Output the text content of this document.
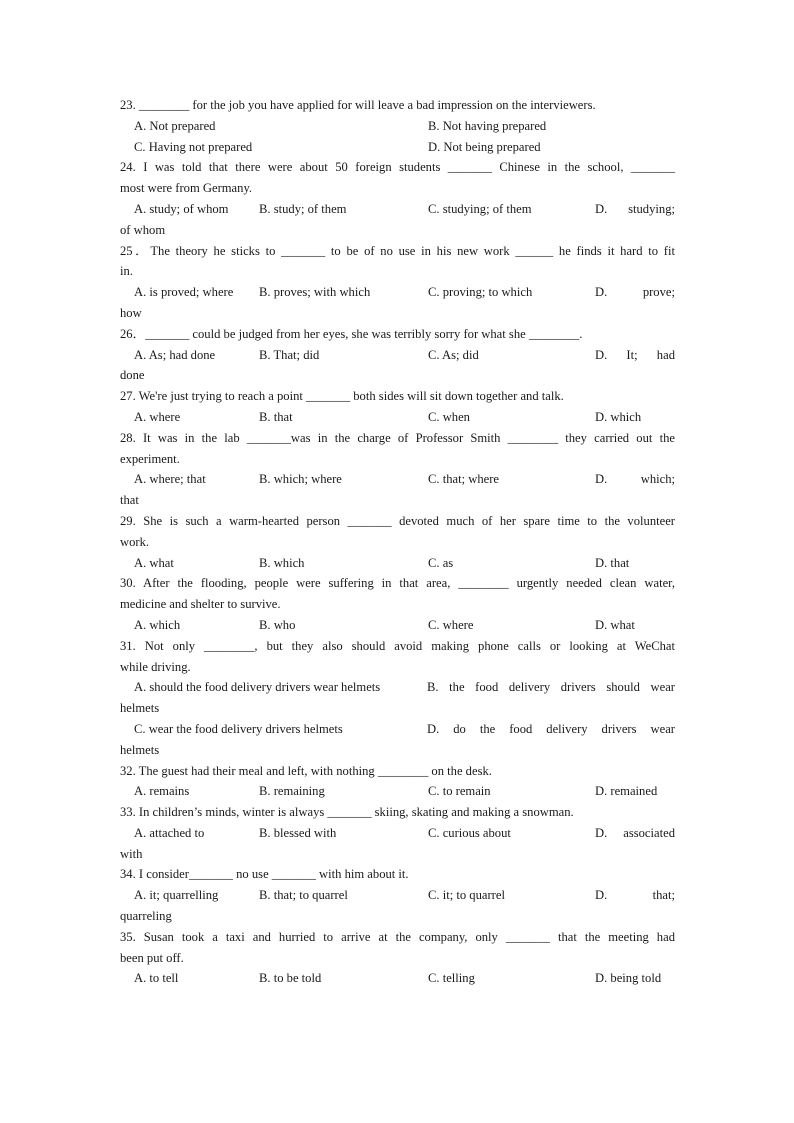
23. ________ for the job you have applied for will leave a bad impression on the interviewers.
A. Not prepared	B. Not having prepared
C. Having not prepared	D. Not being prepared
24. I was told that there were about 50 foreign students _______ Chinese in the school, _______
most were from Germany.
A. study; of whom B. study; of them	C. studying; of them	D. studying;
of whom
25．The theory he sticks to _______ to be of no use in his new work ______ he finds it hard to fit
in.
A. is proved; where B. proves; with which	C. proving; to which	D. prove;
how
26．_______ could be judged from her eyes, she was terribly sorry for what she ________.
A. As; had done	B. That; did	C. As; did	D. It; had
done
27. We're just trying to reach a point _______ both sides will sit down together and talk.
A. where	B. that	C. when	D. which
28. It was in the lab _______was in the charge of Professor Smith ________ they carried out the
experiment.
A. where; that	B. which; where	C. that; where	D. which;
that
29. She is such a warm-hearted person _______ devoted much of her spare time to the volunteer
work.
A. what	B. which	C. as	D. that
30. After the flooding, people were suffering in that area, ________ urgently needed clean water,
medicine and shelter to survive.
A. which	B. who	C. where	D. what
31. Not only ________, but they also should avoid making phone calls or looking at WeChat
while driving.
A. should the food delivery drivers wear helmets	B. the food delivery drivers should wear
helmets
C. wear the food delivery drivers helmets	D. do the food delivery drivers wear
helmets
32. The guest had their meal and left, with nothing ________ on the desk.
A. remains	B. remaining	C. to remain	D. remained
33. In children’s minds, winter is always _______ skiing, skating and making a snowman.
A. attached to	B. blessed with	C. curious about	D. associated
with
34. I consider_______ no use _______ with him about it.
A. it; quarrelling	B. that; to quarrel	C. it; to quarrel	D. that;
quarreling
35. Susan took a taxi and hurried to arrive at the company, only _______ that the meeting had
been put off.
A. to tell	B. to be told	C. telling	D. being told
